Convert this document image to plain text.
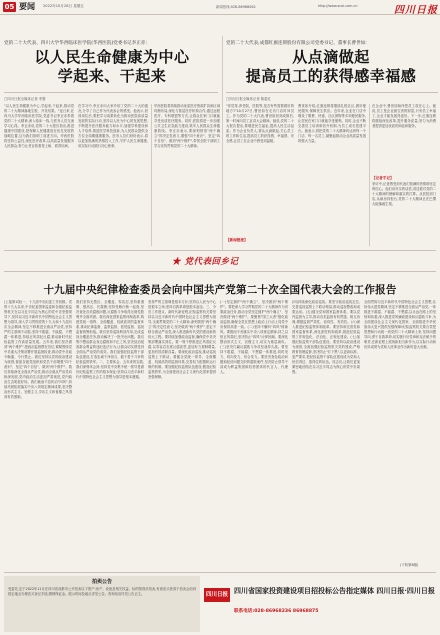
05 要闻 2022年10月28日 星期五	新闻热线:028-86968062	http://www.scol.com.cn	四川日报
党的二十大代表、四川大学华西临床医学院(华西医院)党委书记李正赤:
以人民生命健康为中心
学起来、干起来
□四川日报全媒体记者 李寰
"以人民生命健康为中心,学起来,干起来,推动党的二十大精神落地生根、开花结果。"连日来,在四川大学华西临床医学院,党委书记李正赤带着党的二十大精神,深入临床一线,与医务人员交流学习心得。李正赤说,党的二十大报告指出,推进健康中国建设,把保障人民健康放在优先发展的战略位置,这为我们指明了前进方向。华西医院将坚持公益性,深化医疗改革,以高质量发展服务人民群众,努力让老百姓看得上病、看得好病。
在学习中,李正赤向大家介绍了党的二十大的盛况,分享了自己作为代表参会的感受。他表示,回到岗位后,要把学习成果转化为推动医院高质量发展的实际行动,坚持以人民为中心的发展思想,不断提升医疗服务能力和水平,加强学科建设和人才培养,推进医学科技创新,为人民群众提供全方位全周期健康服务。医务人员们纷纷表示,将以更加饱满的热情投入工作,守护人民生命健康,用实际行动践行初心使命。
华西医院将持续推动优质医疗资源扩容和区域均衡布局,深化与基层医疗机构合作,通过远程医疗、专科联盟等方式,让群众在家门口就能享受优质医疗服务。同时,医院将进一步加强公共卫生应急能力建设,筑牢人民群众生命健康防线。李正赤表示,要深刻领悟"两个确立"的决定性意义,增强"四个意识"、坚定"四个自信"、做到"两个维护",带领全院干部职工学习宣传贯彻党的二十大精神。
党的二十大代表,成都红旗连锁股份有限公司党委书记、董事长曹世如:
从点滴做起
提高员工的获得感幸福感
□四川日报全媒体记者 陈碧红
"你觉得,养老院、医院等,是否有些需要做好的地方?"10月27日,曹世如在走访门店时问员工。作为党的二十大代表,曹世如回到成都后,第一时间向员工宣讲大会精神。她说,党的二十大报告提出,要增进民生福祉,提高人民生活品质。作为企业负责人,要从点滴做起,关心员工的工作和生活,提高员工的获得感、幸福感、安全感,让员工在企业中感受到温暖。
曹世如介绍,红旗连锁将继续扎根社区,做好便民服务,保障民生供应。近年来,企业在门店中增设了缴费、快递、社区团购等多项便民服务,让居民在家门口就能享受便利。同时,企业不断完善员工培训和晋升机制,为员工成长搭建平台。她表示,将把党的二十大精神传达到每一个门店、每一名员工,凝聚起推动企业高质量发展的强大力量。
【新闻链接】
在企业中,曹世如始终把员工放在心上。她说,员工是企业最宝贵的财富,只有员工幸福了,企业才能发展得更好。下一步,红旗连锁将继续深化改革,提升服务质量,努力为消费者提供更加优质的商品和服务。
【记者手记】
采访中,记者感受到代表们饱满的热情和坚定的信心。他们用朴实的话语,讲述着对党的二十大精神的理解和落实的打算。从医院到门店,从病房到柜台,党的二十大精神正在巴蜀大地落地生根。
★ 党代表回乡记
十九届中央纪律检查委员会向中国共产党第二十次全国代表大会的工作报告
(上接第1版)一、十九届中央纪委工作回顾。党的十九大以来,中央纪委国家监委和各级纪检监察机关在以习近平同志为核心的党中央坚强领导下,坚持以习近平新时代中国特色社会主义思想为指导,深入学习贯彻党的十九大和十九届历次全会精神,坚定不移推进全面从严治党,坚持严的主基调不动摇,坚持不敢腐、不能腐、不想腐一体推进,持续正风肃纪反腐,推动新时代纪检监察工作高质量发展。五年来,我们坚决做到"两个维护",把政治监督摆在首位,紧紧围绕党中央重大决策部署开展监督检查,推动党中央政令畅通、令行禁止。我们坚持以党的政治建设为统领,督促各级党组织和党员干部增强"四个意识"、坚定"四个自信"、做到"两个维护"。我们持续深化全面从严治党,推动全面从严治党向纵深发展,党内政治生活更加严肃规范,党内政治生态明显好转。我们驰而不息纠治"四风",持续巩固拓展落实中央八项规定精神成果,坚决整治形式主义、官僚主义,享乐主义和奢靡之风得到有效遏制。
我们坚持无禁区、全覆盖、零容忍,坚持重遏制、强高压、长震慑,坚持受贿行贿一起查,坚决查处各类腐败问题,反腐败斗争取得压倒性胜利并全面巩固。我们深化国家监察体制改革,构建党统一指挥、全面覆盖、权威高效的监督体系,推动纪律监督、监察监督、派驻监督、巡视监督统筹衔接。我们坚持巡视利剑作用,完成巡视全覆盖任务,推动解决了一批突出问题。我们集中整治群众身边腐败和不正之风,坚决惩治侵害群众利益的违纪违法行为,让群众切实感受到全面从严治党的成效。我们加强纪检监察干部队伍建设,打造忠诚干净担当、敢于善于斗争的纪检监察铁军。二、主要体会。五年来的实践,我们深刻体会到:坚持党中央集中统一领导是做好纪检监察工作的根本保证;坚持以习近平新时代中国特色社会主义思想为指导是根本遵循。
坚持严的主基调是根本方针;坚持以人民为中心是根本立场;坚持自我革命是根本途径。三、今后工作建议。新时代新征程,纪检监察机关要坚持以习近平新时代中国特色社会主义思想为指导,全面贯彻党的二十大精神,深刻领悟"两个确立"的决定性意义,坚决做到"两个维护",坚定不移全面从严治党,深入推进新时代党的建设新的伟大工程。要持续加强政治监督,确保党中央决策部署落实到位。要一刻不停推进正风肃纪反腐,以零容忍态度反腐惩恶,更加有力遏制增量,更加有效清除存量。要深化政治巡视,推动巡视巡察上下联动。要健全党统一领导、全面覆盖、权威高效的监督体系,完善权力配置和运行制约机制。要加强纪检监察队伍建设,锻造纪检监察铁军,为全面建设社会主义现代化国家提供坚强保障。
(一)坚定拥护"两个确立"、坚决做到"两个维护"。要把深入学习贯彻党的二十大精神作为首要政治任务,推动全党坚定拥护"两个确立"、坚决做到"两个维护"。要聚焦"国之大者"强化政治监督,确保全党在思想上政治上行动上同党中央保持高度一致。(二)坚持不懈纠"四风"树新风。要锲而不舍落实中央八项规定精神,持之以恒正风肃纪,坚决防止"四风"反弹回潮。要深化整治形式主义、官僚主义,切实为基层减负。(三)坚决打赢反腐败斗争攻坚战持久战。要坚持不敢腐、不能腐、不想腐一体推进,同时发力、同向发力、综合发力。要坚决查处政治问题和经济问题交织的腐败案件,坚决防止领导干部成为利益集团和权势团体的代言人、代理人。
(四)持续深化政治巡视。要坚守政治巡视定位,完善巡视巡察上下联动格局,推动巡视整改和成果运用。(五)健全党和国家监督体系。要以党内监督为主导,推动各类监督有机贯通、相互协调,增强监督严肃性、协同性、有效性。(六)深入推进纪检监察体制改革。要坚持和完善党和国家监督体系,深化派驻机构改革,推进纪检监察工作规范化、法治化、正规化建设。(七)加强纪检监察干部队伍建设。要坚持以政治建设为统领,全面加强纪检监察机关党的建设,严格教育管理监督,坚决防止"灯下黑",以更高标准、更严要求,把纪检监察干部队伍建设成为党和人民信得过、靠得住的队伍。同志们,让我们更加紧密地团结在以习近平同志为核心的党中央周围。
全面贯彻习近平新时代中国特色社会主义思想,弘扬伟大建党精神,坚定不移推进全面从严治党,一体推进不敢腐、不能腐、不想腐,以永远在路上的坚韧和执着,深入推进党风廉政建设和反腐败斗争,为全面建设社会主义现代化国家、全面推进中华民族伟大复兴提供坚强保障!纪检监察机关要自觉把思想和行动统一到党的二十大精神上来,坚持问题导向,勇于自我革命,切实履行好党章和宪法赋予的职责,在新征程上展现新担当新作为,以实际行动和优异成绩为党和人民事业作出新的更大贡献。
(下转第6版)
拍卖公告
受委托,定于2022年11月在四川省成都市公开拍卖以下资产:房产、设备及相关权益。标的按现状拍卖,有意竞买者请于拍卖会前到指定地点办理竞买登记手续,缴纳保证金。展示时间及地点详见公告。咨询电话详见公告正文。	四川日报 四川省国家投资建设项目招投标公告指定媒体 四川日报·四川日报
联系电话:028-86968236 86968875
